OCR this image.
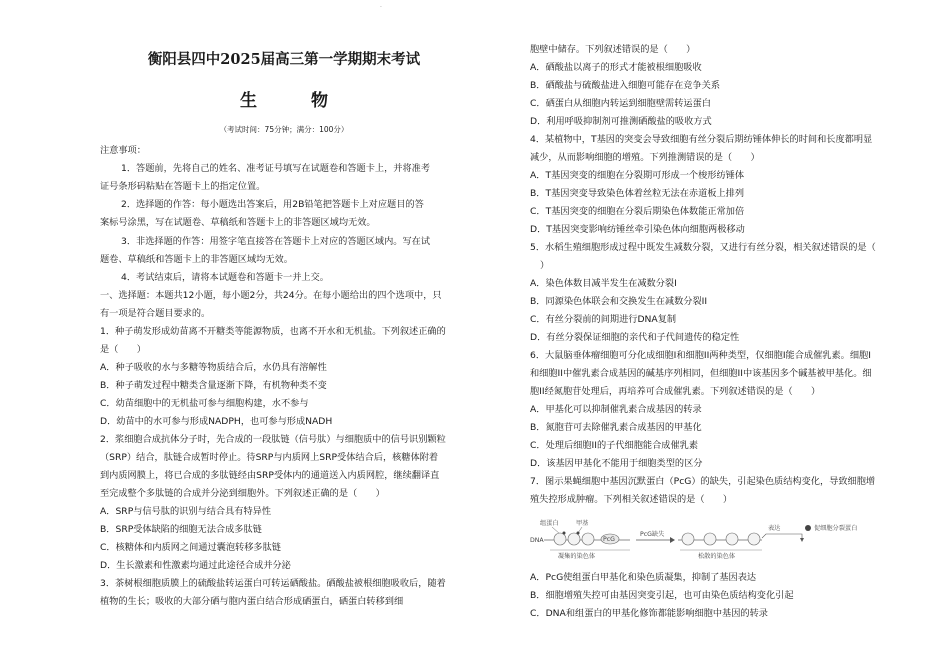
.
衡阳县四中2025届高三第一学期期末考试
生 物
（考试时间：75分钟；满分：100分）
注意事项：
1．答题前，先将自己的姓名、准考证号填写在试题卷和答题卡上，并将准考
证号条形码粘贴在答题卡上的指定位置。
2．选择题的作答：每小题选出答案后，用2B铅笔把答题卡上对应题目的答
案标号涂黑，写在试题卷、草稿纸和答题卡上的非答题区域均无效。
3．非选择题的作答：用签字笔直接答在答题卡上对应的答题区域内。写在试
题卷、草稿纸和答题卡上的非答题区域均无效。
4．考试结束后，请将本试题卷和答题卡一并上交。
一、选择题：本题共12小题，每小题2分，共24分。在每小题给出的四个选项中，只
有一项是符合题目要求的。
1．种子萌发形成幼苗离不开糖类等能源物质，也离不开水和无机盐。下列叙述正确的
是（　　）
A．种子吸收的水与多糖等物质结合后，水仍具有溶解性
B．种子萌发过程中糖类含量逐渐下降，有机物种类不变
C．幼苗细胞中的无机盐可参与细胞构建，水不参与
D．幼苗中的水可参与形成NADPH，也可参与形成NADH
2．浆细胞合成抗体分子时，先合成的一段肽链（信号肽）与细胞质中的信号识别颗粒
（SRP）结合，肽链合成暂时停止。待SRP与内质网上SRP受体结合后，核糖体附着
到内质网膜上，将已合成的多肽链经由SRP受体内的通道送入内质网腔，继续翻译直
至完成整个多肽链的合成并分泌到细胞外。下列叙述正确的是（　　）
A．SRP与信号肽的识别与结合具有特异性
B．SRP受体缺陷的细胞无法合成多肽链
C．核糖体和内质网之间通过囊泡转移多肽链
D．生长激素和性激素均通过此途径合成并分泌
3．茶树根细胞质膜上的硫酸盐转运蛋白可转运硒酸盐。硒酸盐被根细胞吸收后，随着
植物的生长；吸收的大部分硒与胞内蛋白结合形成硒蛋白，硒蛋白转移到细
胞壁中储存。下列叙述错误的是（　　）
A．硒酸盐以离子的形式才能被根细胞吸收
B．硒酸盐与硫酸盐进入细胞可能存在竞争关系
C．硒蛋白从细胞内转运到细胞壁需转运蛋白
D．利用呼吸抑制剂可推测硒酸盐的吸收方式
4．某植物中，T基因的突变会导致细胞有丝分裂后期纺锤体伸长的时间和长度都明显
减少，从而影响细胞的增殖。下列推测错误的是（　　）
A．T基因突变的细胞在分裂期可形成一个梭形纺锤体
B．T基因突变导致染色体着丝粒无法在赤道板上排列
C．T基因突变的细胞在分裂后期染色体数能正常加倍
D．T基因突变影响纺锤丝牵引染色体向细胞两极移动
5．水稻生殖细胞形成过程中既发生减数分裂，又进行有丝分裂，相关叙述错误的是（
）
A．染色体数目减半发生在减数分裂I
B．同源染色体联会和交换发生在减数分裂II
C．有丝分裂前的间期进行DNA复制
D．有丝分裂保证细胞的亲代和子代间遗传的稳定性
6．大鼠脑垂体瘤细胞可分化成细胞I和细胞II两种类型，仅细胞I能合成催乳素。细胞I
和细胞II中催乳素合成基因的碱基序列相同，但细胞II中该基因多个碱基被甲基化。细
胞II经氮胞苷处理后，再培养可合成催乳素。下列叙述错误的是（　　）
A．甲基化可以抑制催乳素合成基因的转录
B．氮胞苷可去除催乳素合成基因的甲基化
C．处理后细胞II的子代细胞能合成催乳素
D．该基因甲基化不能用于细胞类型的区分
7．图示果蝇细胞中基因沉默蛋白（PcG）的缺失，引起染色质结构变化，导致细胞增
殖失控形成肿瘤。下列相关叙述错误的是（　　）
组蛋白	甲基
DNA	PcG
凝集的染色体
PcG缺失
松散的染色体
表达	促细胞分裂蛋白
A．PcG使组蛋白甲基化和染色质凝集，抑制了基因表达
B．细胞增殖失控可由基因突变引起，也可由染色质结构变化引起
C．DNA和组蛋白的甲基化修饰都能影响细胞中基因的转录
